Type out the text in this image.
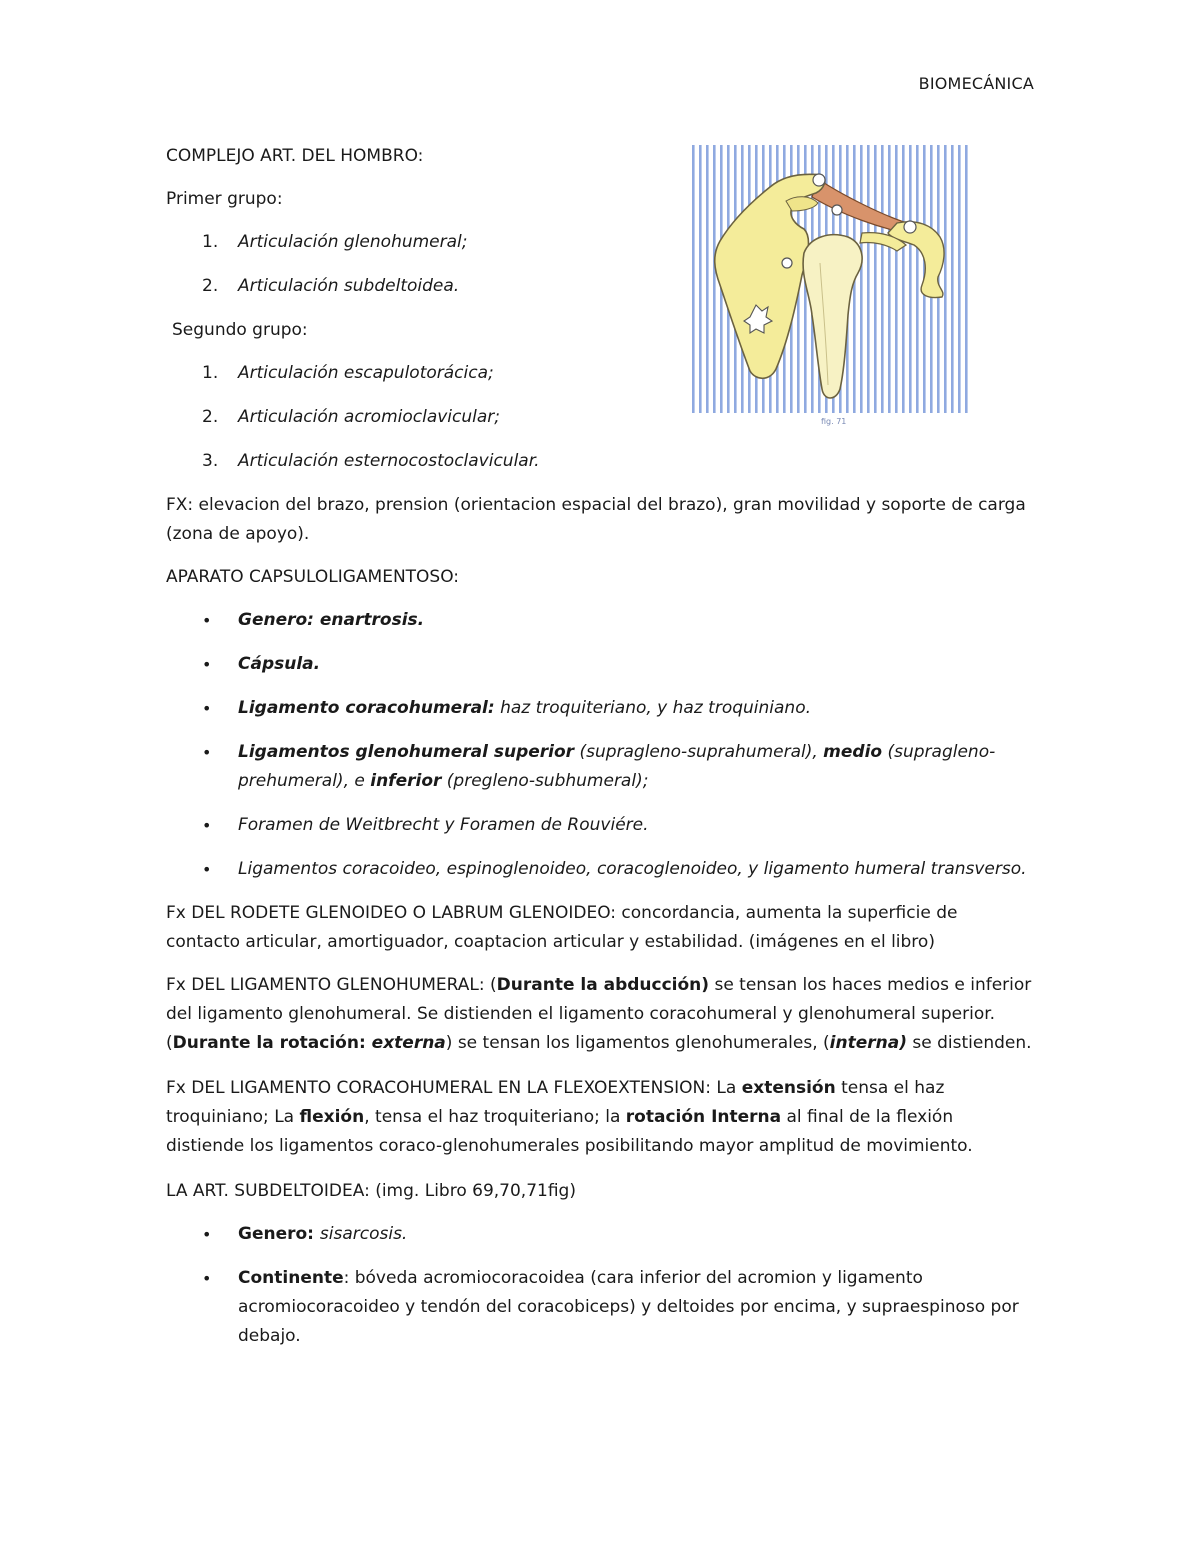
BIOMECÁNICA
fig. 71

COMPLEJO ART. DEL HOMBRO:

Primer grupo:

1. Articulación glenohumeral;
2. Articulación subdeltoidea.

Segundo grupo:

1. Articulación escapulotorácica;
2. Articulación acromioclavicular;
3. Articulación esternocostoclavicular.

FX: elevacion del brazo, prension (orientacion espacial del brazo), gran movilidad y soporte de carga (zona de apoyo).

APARATO CAPSULOLIGAMENTOSO:

• Genero: enartrosis.
• Cápsula.
• Ligamento coracohumeral: haz troquiteriano, y haz troquiniano.
• Ligamentos glenohumeral superior (supragleno-suprahumeral), medio (supragleno-prehumeral), e inferior (pregleno-subhumeral);
• Foramen de Weitbrecht y Foramen de Rouviére.
• Ligamentos coracoideo, espinoglenoideo, coracoglenoideo, y ligamento humeral transverso.

Fx DEL RODETE GLENOIDEO O LABRUM GLENOIDEO: concordancia, aumenta la superficie de contacto articular, amortiguador, coaptacion articular y estabilidad. (imágenes en el libro)

Fx DEL LIGAMENTO GLENOHUMERAL: (Durante la abducción) se tensan los haces medios e inferior del ligamento glenohumeral. Se distienden el ligamento coracohumeral y glenohumeral superior. (Durante la rotación: externa) se tensan los ligamentos glenohumerales, (interna) se distienden.

Fx DEL LIGAMENTO CORACOHUMERAL EN LA FLEXOEXTENSION: La extensión tensa el haz troquiniano; La flexión, tensa el haz troquiteriano; la rotación Interna al final de la flexión distiende los ligamentos coraco-glenohumerales posibilitando mayor amplitud de movimiento.

LA ART. SUBDELTOIDEA: (img. Libro 69,70,71fig)

• Genero: sisarcosis.
• Continente: bóveda acromiocoracoidea (cara inferior del acromion y ligamento acromiocoracoideo y tendón del coracobiceps) y deltoides por encima, y supraespinoso por debajo.
